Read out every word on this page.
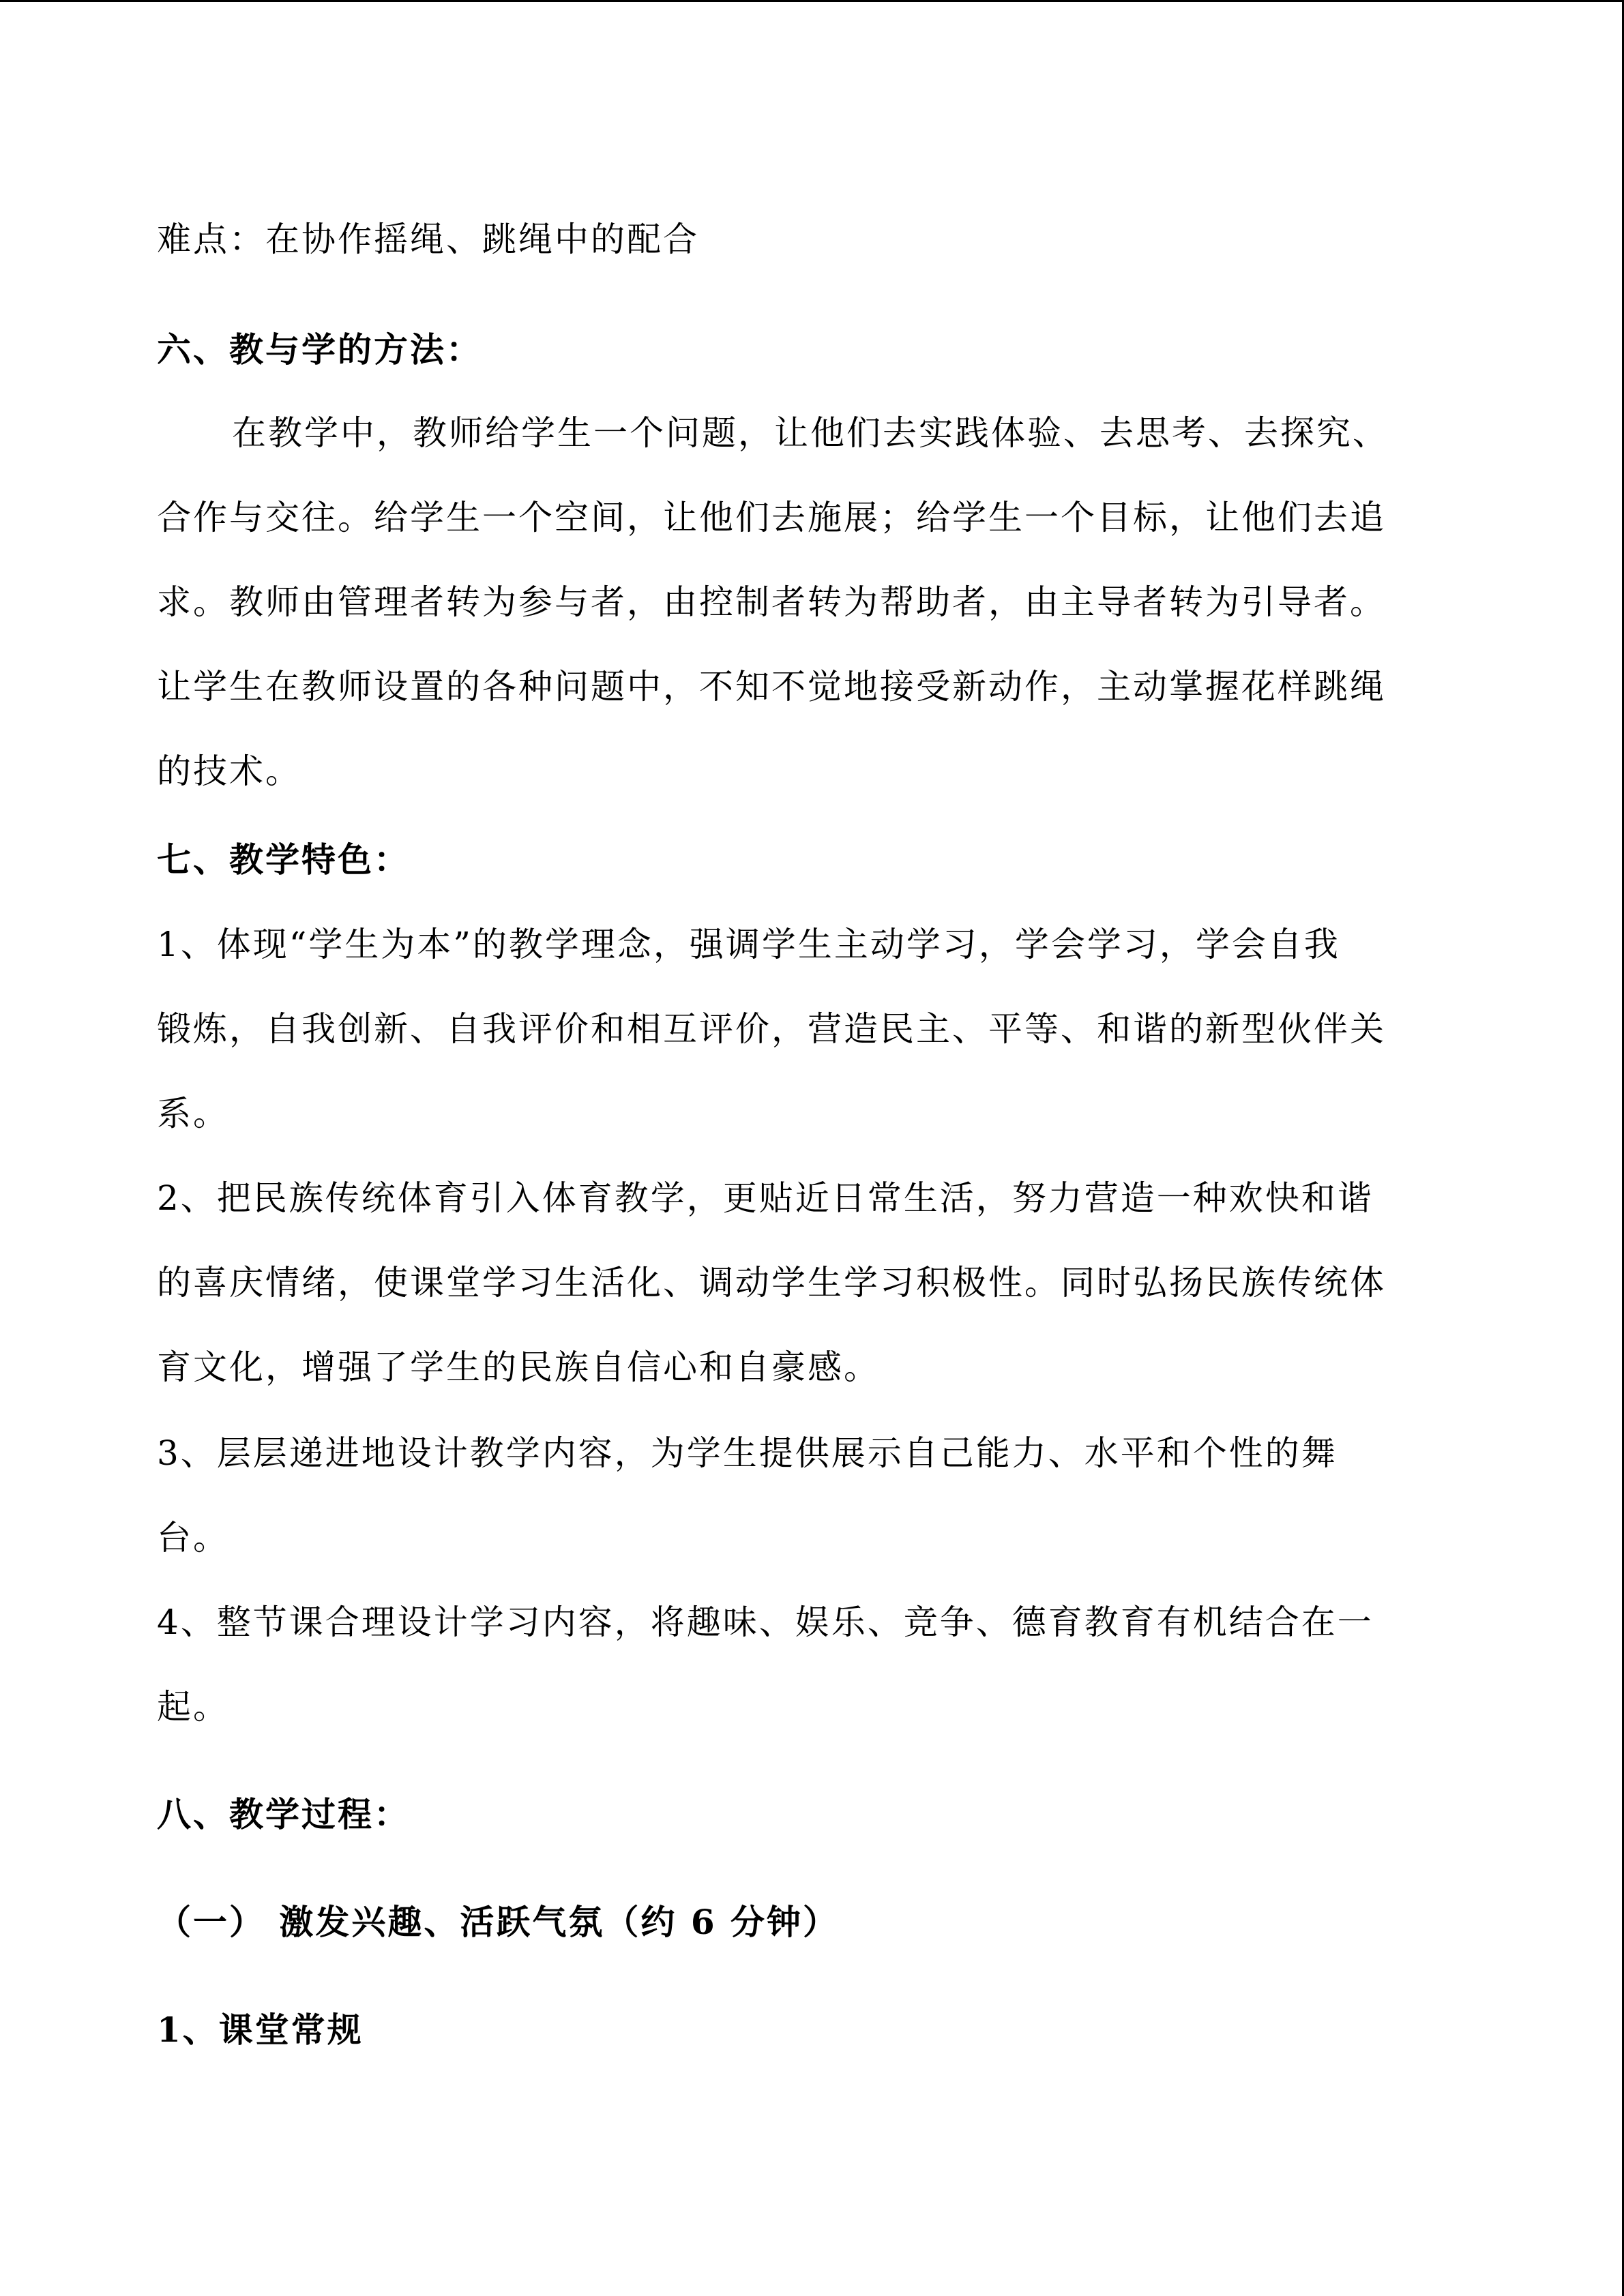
难点：在协作摇绳、跳绳中的配合
六、教与学的方法：
在教学中，教师给学生一个问题，让他们去实践体验、去思考、去探究、
合作与交往。给学生一个空间，让他们去施展；给学生一个目标，让他们去追
求。教师由管理者转为参与者，由控制者转为帮助者，由主导者转为引导者。
让学生在教师设置的各种问题中，不知不觉地接受新动作，主动掌握花样跳绳
的技术。
七、教学特色：
1、体现“学生为本”的教学理念，强调学生主动学习，学会学习，学会自我
锻炼，自我创新、自我评价和相互评价，营造民主、平等、和谐的新型伙伴关
系。
2、把民族传统体育引入体育教学，更贴近日常生活，努力营造一种欢快和谐
的喜庆情绪，使课堂学习生活化、调动学生学习积极性。同时弘扬民族传统体
育文化，增强了学生的民族自信心和自豪感。
3、层层递进地设计教学内容，为学生提供展示自己能力、水平和个性的舞
台。
4、整节课合理设计学习内容，将趣味、娱乐、竞争、德育教育有机结合在一
起。
八、教学过程：
（一） 激发兴趣、活跃气氛（约 6 分钟）
1、课堂常规
